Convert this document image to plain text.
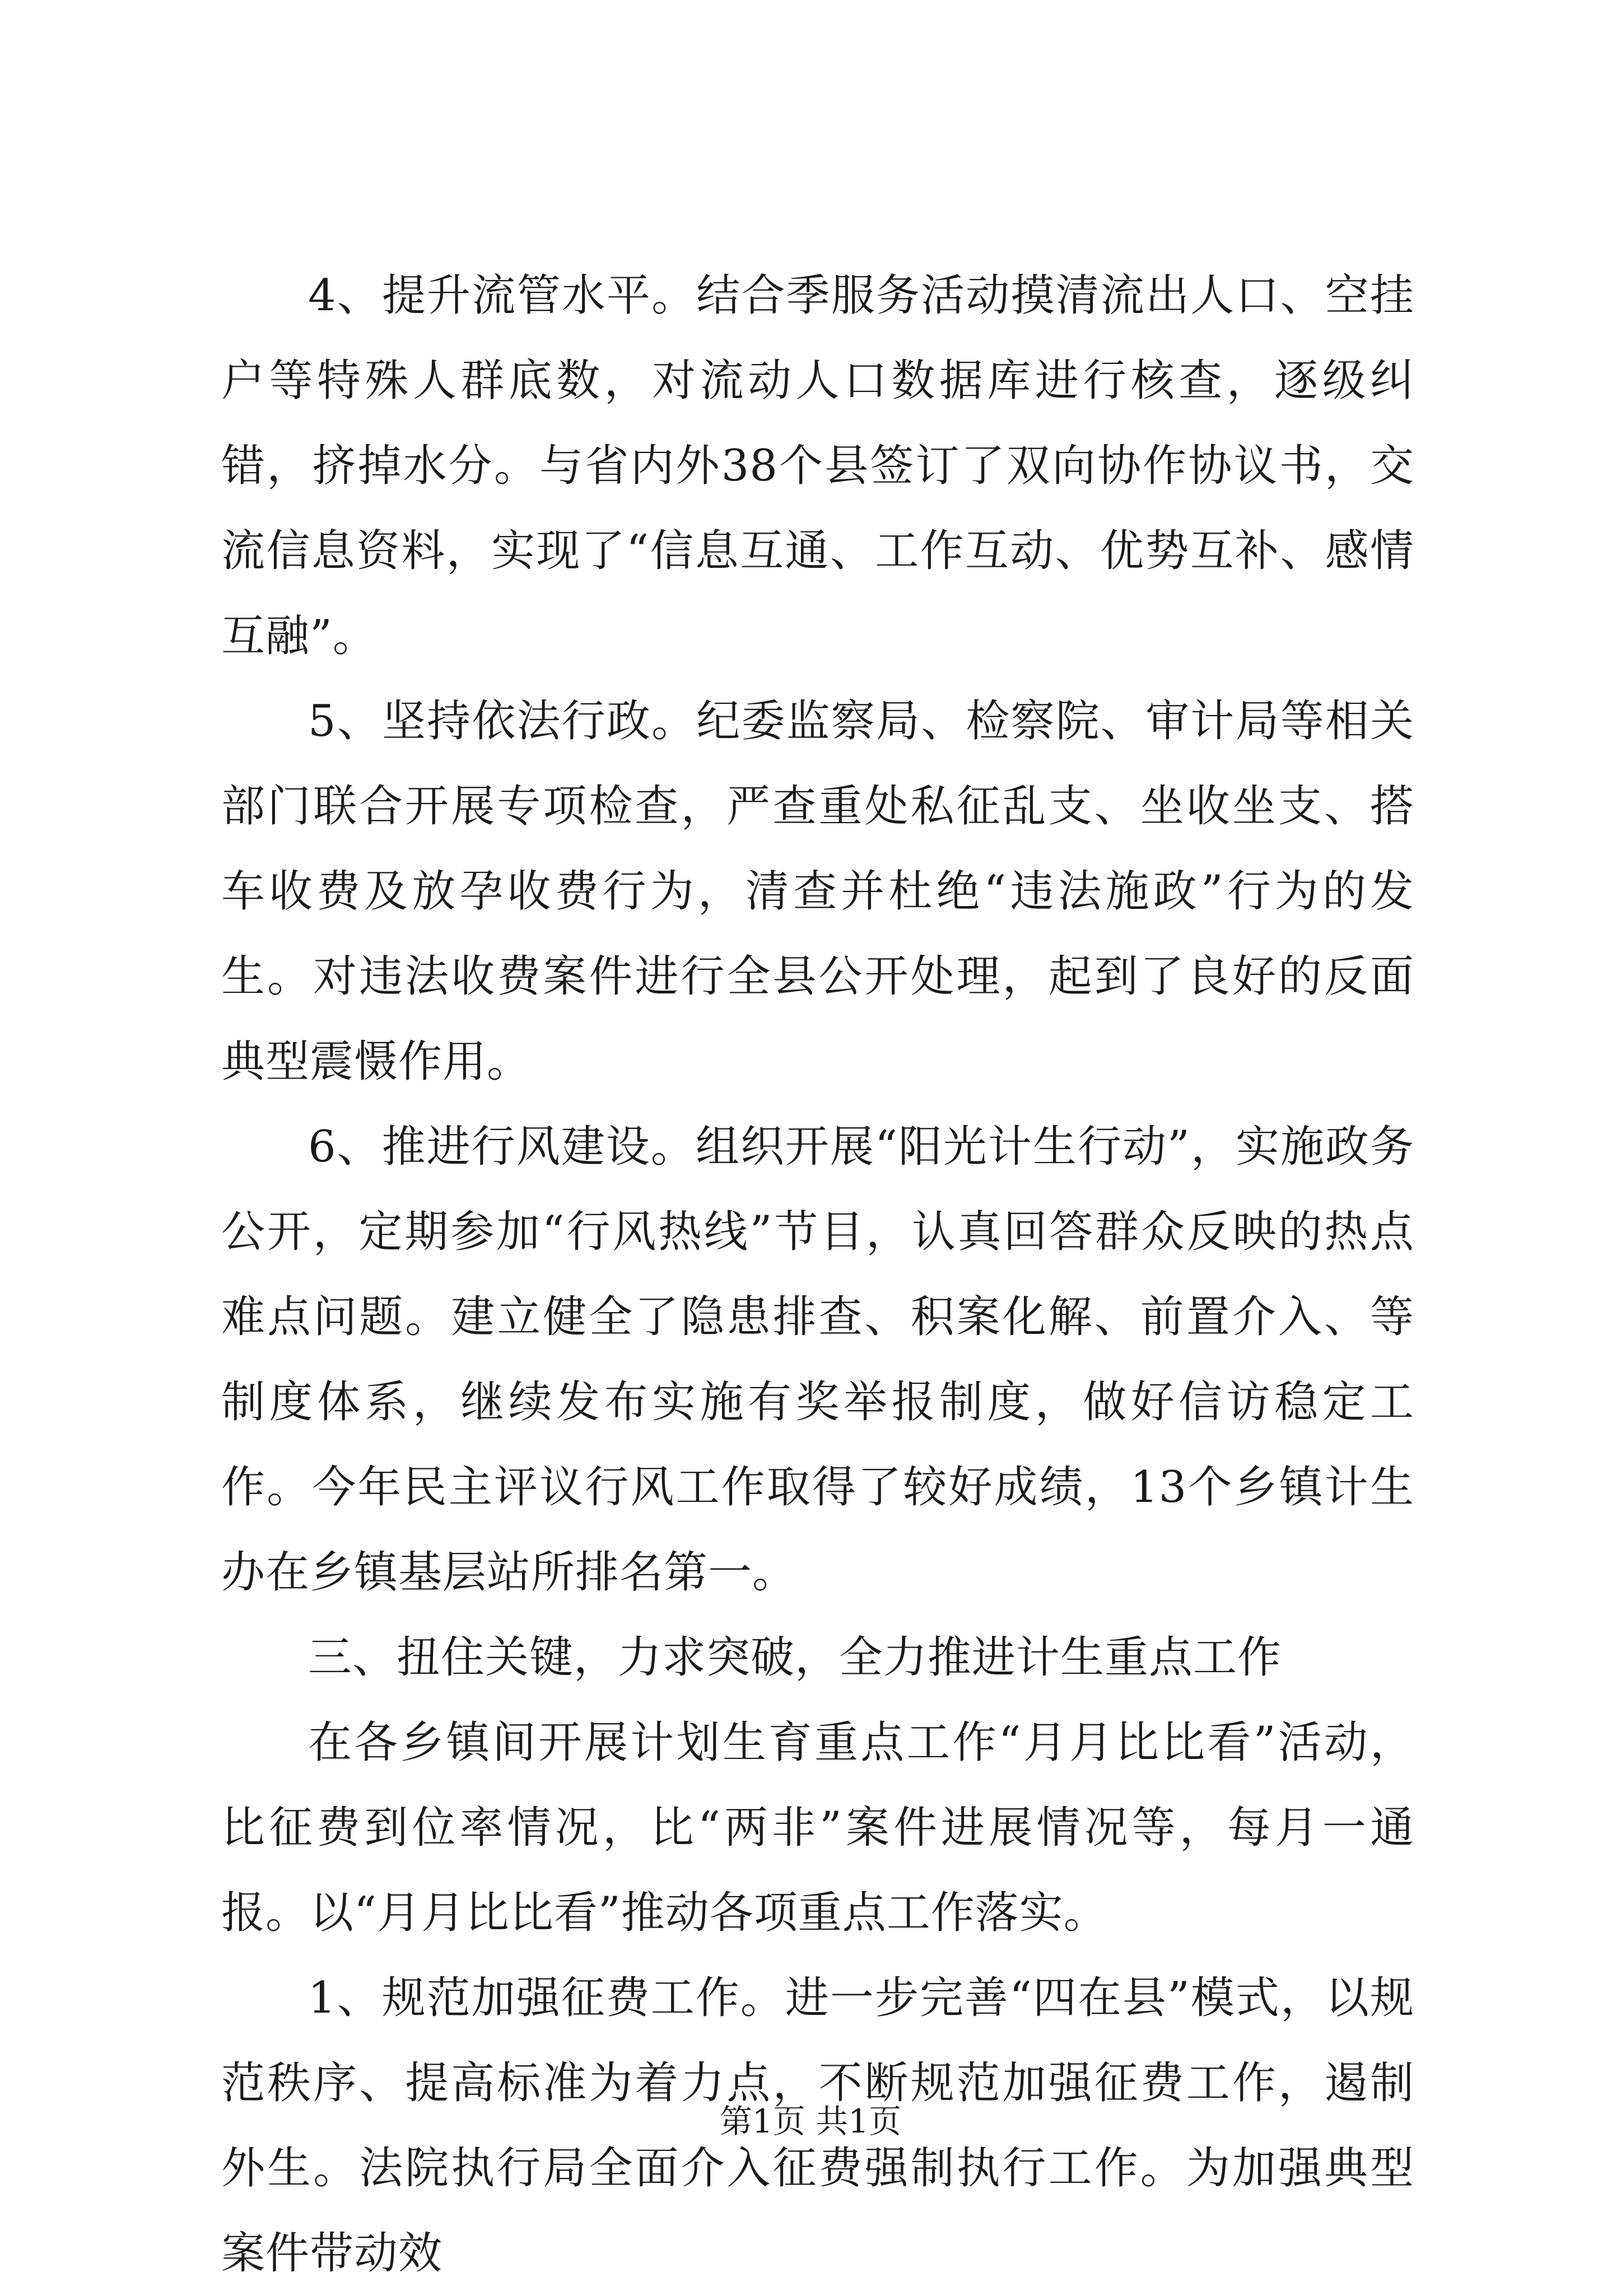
4、提升流管水平。结合季服务活动摸清流出人口、空挂户等特殊人群底数，对流动人口数据库进行核查，逐级纠错，挤掉水分。与省内外38个县签订了双向协作协议书，交流信息资料，实现了“信息互通、工作互动、优势互补、感情互融”。

5、坚持依法行政。纪委监察局、检察院、审计局等相关部门联合开展专项检查，严查重处私征乱支、坐收坐支、搭车收费及放孕收费行为，清查并杜绝“违法施政”行为的发生。对违法收费案件进行全县公开处理，起到了良好的反面典型震慑作用。

6、推进行风建设。组织开展“阳光计生行动”，实施政务公开，定期参加“行风热线”节目，认真回答群众反映的热点难点问题。建立健全了隐患排查、积案化解、前置介入、等制度体系，继续发布实施有奖举报制度，做好信访稳定工作。今年民主评议行风工作取得了较好成绩，13个乡镇计生办在乡镇基层站所排名第一。

三、扭住关键，力求突破，全力推进计生重点工作

在各乡镇间开展计划生育重点工作“月月比比看”活动，比征费到位率情况，比“两非”案件进展情况等，每月一通报。以“月月比比看”推动各项重点工作落实。

1、规范加强征费工作。进一步完善“四在县”模式，以规范秩序、提高标准为着力点，不断规范加强征费工作，遏制外生。法院执行局全面介入征费强制执行工作。为加强典型案件带动效

第1页 共1页
